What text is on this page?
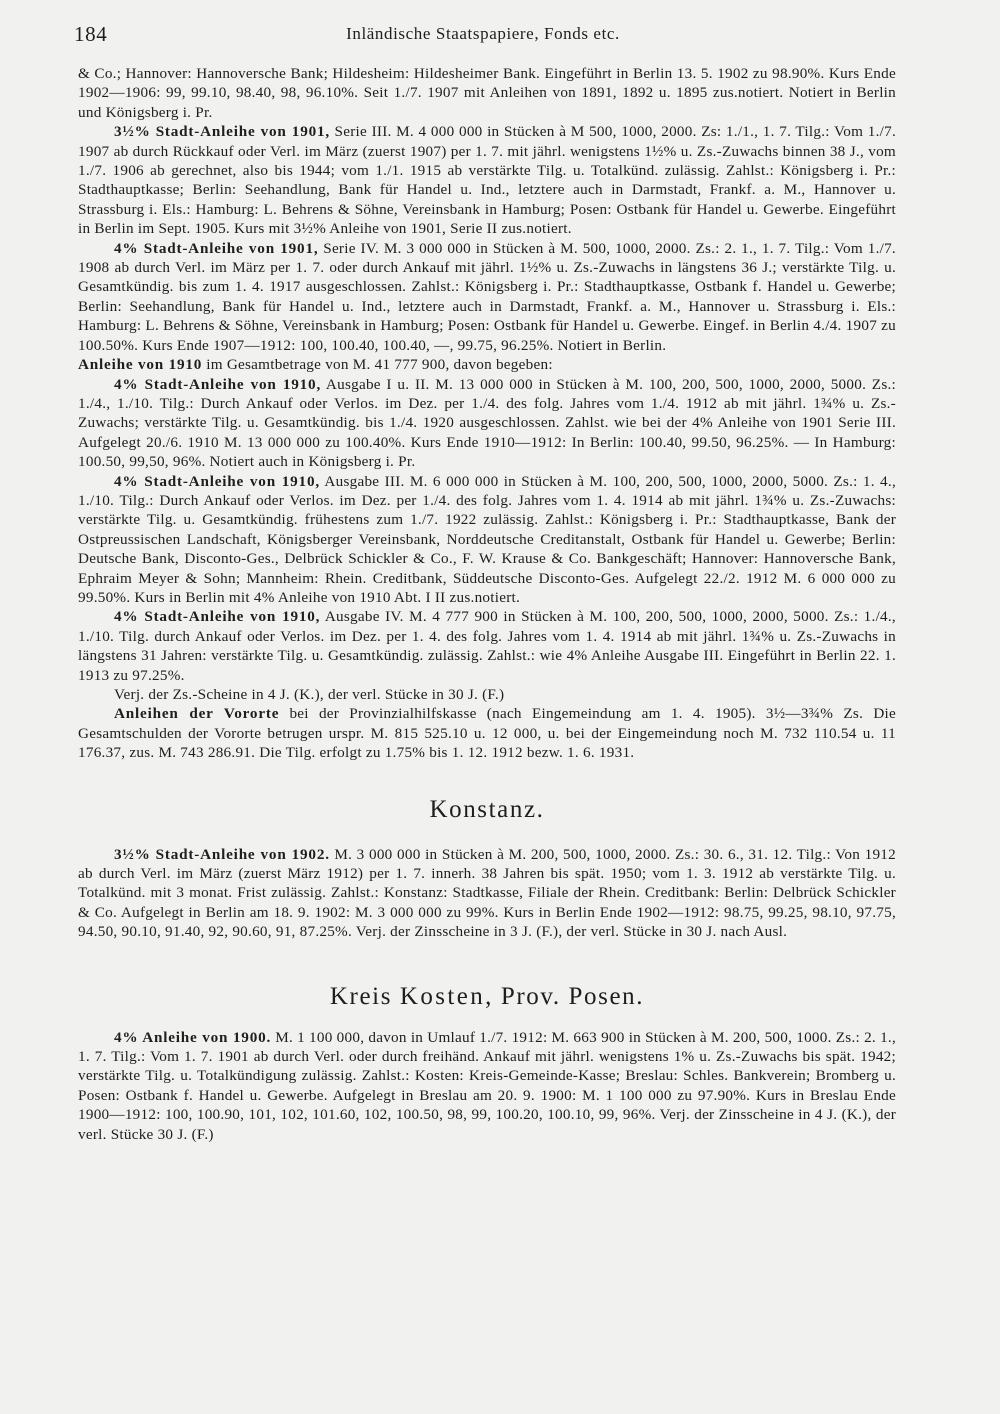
184	Inländische Staatspapiere, Fonds etc.

& Co.; Hannover: Hannoversche Bank; Hildesheim: Hildesheimer Bank. Eingeführt in Berlin 13. 5. 1902 zu 98.90%. Kurs Ende 1902—1906: 99, 99.10, 98.40, 98, 96.10%. Seit 1./7. 1907 mit Anleihen von 1891, 1892 u. 1895 zus.notiert. Notiert in Berlin und Königsberg i. Pr.

3½% Stadt-Anleihe von 1901, Serie III. M. 4 000 000 in Stücken à M 500, 1000, 2000. Zs: 1./1., 1. 7. Tilg.: Vom 1./7. 1907 ab durch Rückkauf oder Verl. im März (zuerst 1907) per 1. 7. mit jährl. wenigstens 1½% u. Zs.-Zuwachs binnen 38 J., vom 1./7. 1906 ab gerechnet, also bis 1944; vom 1./1. 1915 ab verstärkte Tilg. u. Totalkünd. zulässig. Zahlst.: Königsberg i. Pr.: Stadthauptkasse; Berlin: Seehandlung, Bank für Handel u. Ind., letztere auch in Darmstadt, Frankf. a. M., Hannover u. Strassburg i. Els.: Hamburg: L. Behrens & Söhne, Vereinsbank in Hamburg; Posen: Ostbank für Handel u. Gewerbe. Eingeführt in Berlin im Sept. 1905. Kurs mit 3½% Anleihe von 1901, Serie II zus.notiert.

4% Stadt-Anleihe von 1901, Serie IV. M. 3 000 000 in Stücken à M. 500, 1000, 2000. Zs.: 2. 1., 1. 7. Tilg.: Vom 1./7. 1908 ab durch Verl. im März per 1. 7. oder durch Ankauf mit jährl. 1½% u. Zs.-Zuwachs in längstens 36 J.; verstärkte Tilg. u. Gesamtkündig. bis zum 1. 4. 1917 ausgeschlossen. Zahlst.: Königsberg i. Pr.: Stadthauptkasse, Ostbank f. Handel u. Gewerbe; Berlin: Seehandlung, Bank für Handel u. Ind., letztere auch in Darmstadt, Frankf. a. M., Hannover u. Strassburg i. Els.: Hamburg: L. Behrens & Söhne, Vereinsbank in Hamburg; Posen: Ostbank für Handel u. Gewerbe. Eingef. in Berlin 4./4. 1907 zu 100.50%. Kurs Ende 1907—1912: 100, 100.40, 100.40, —, 99.75, 96.25%. Notiert in Berlin.

Anleihe von 1910 im Gesamtbetrage von M. 41 777 900, davon begeben:

4% Stadt-Anleihe von 1910, Ausgabe I u. II. M. 13 000 000 in Stücken à M. 100, 200, 500, 1000, 2000, 5000. Zs.: 1./4., 1./10. Tilg.: Durch Ankauf oder Verlos. im Dez. per 1./4. des folg. Jahres vom 1./4. 1912 ab mit jährl. 1¾% u. Zs.-Zuwachs; verstärkte Tilg. u. Gesamtkündig. bis 1./4. 1920 ausgeschlossen. Zahlst. wie bei der 4% Anleihe von 1901 Serie III. Aufgelegt 20./6. 1910 M. 13 000 000 zu 100.40%. Kurs Ende 1910—1912: In Berlin: 100.40, 99.50, 96.25%. — In Hamburg: 100.50, 99,50, 96%. Notiert auch in Königsberg i. Pr.

4% Stadt-Anleihe von 1910, Ausgabe III. M. 6 000 000 in Stücken à M. 100, 200, 500, 1000, 2000, 5000. Zs.: 1. 4., 1./10. Tilg.: Durch Ankauf oder Verlos. im Dez. per 1./4. des folg. Jahres vom 1. 4. 1914 ab mit jährl. 1¾% u. Zs.-Zuwachs: verstärkte Tilg. u. Gesamtkündig. frühestens zum 1./7. 1922 zulässig. Zahlst.: Königsberg i. Pr.: Stadthauptkasse, Bank der Ostpreussischen Landschaft, Königsberger Vereinsbank, Norddeutsche Creditanstalt, Ostbank für Handel u. Gewerbe; Berlin: Deutsche Bank, Disconto-Ges., Delbrück Schickler & Co., F. W. Krause & Co. Bankgeschäft; Hannover: Hannoversche Bank, Ephraim Meyer & Sohn; Mannheim: Rhein. Creditbank, Süddeutsche Disconto-Ges. Aufgelegt 22./2. 1912 M. 6 000 000 zu 99.50%. Kurs in Berlin mit 4% Anleihe von 1910 Abt. I II zus.notiert.

4% Stadt-Anleihe von 1910, Ausgabe IV. M. 4 777 900 in Stücken à M. 100, 200, 500, 1000, 2000, 5000. Zs.: 1./4., 1./10. Tilg. durch Ankauf oder Verlos. im Dez. per 1. 4. des folg. Jahres vom 1. 4. 1914 ab mit jährl. 1¾% u. Zs.-Zuwachs in längstens 31 Jahren: verstärkte Tilg. u. Gesamtkündig. zulässig. Zahlst.: wie 4% Anleihe Ausgabe III. Eingeführt in Berlin 22. 1. 1913 zu 97.25%.

Verj. der Zs.-Scheine in 4 J. (K.), der verl. Stücke in 30 J. (F.)

Anleihen der Vororte bei der Provinzialhilfskasse (nach Eingemeindung am 1. 4. 1905). 3½—3¾% Zs. Die Gesamtschulden der Vororte betrugen urspr. M. 815 525.10 u. 12 000, u. bei der Eingemeindung noch M. 732 110.54 u. 11 176.37, zus. M. 743 286.91. Die Tilg. erfolgt zu 1.75% bis 1. 12. 1912 bezw. 1. 6. 1931.

Konstanz.

3½% Stadt-Anleihe von 1902. M. 3 000 000 in Stücken à M. 200, 500, 1000, 2000. Zs.: 30. 6., 31. 12. Tilg.: Von 1912 ab durch Verl. im März (zuerst März 1912) per 1. 7. innerh. 38 Jahren bis spät. 1950; vom 1. 3. 1912 ab verstärkte Tilg. u. Totalkünd. mit 3 monat. Frist zulässig. Zahlst.: Konstanz: Stadtkasse, Filiale der Rhein. Creditbank: Berlin: Delbrück Schickler & Co. Aufgelegt in Berlin am 18. 9. 1902: M. 3 000 000 zu 99%. Kurs in Berlin Ende 1902—1912: 98.75, 99.25, 98.10, 97.75, 94.50, 90.10, 91.40, 92, 90.60, 91, 87.25%. Verj. der Zinsscheine in 3 J. (F.), der verl. Stücke in 30 J. nach Ausl.

Kreis Kosten, Prov. Posen.

4% Anleihe von 1900. M. 1 100 000, davon in Umlauf 1./7. 1912: M. 663 900 in Stücken à M. 200, 500, 1000. Zs.: 2. 1., 1. 7. Tilg.: Vom 1. 7. 1901 ab durch Verl. oder durch freihänd. Ankauf mit jährl. wenigstens 1% u. Zs.-Zuwachs bis spät. 1942; verstärkte Tilg. u. Totalkündigung zulässig. Zahlst.: Kosten: Kreis-Gemeinde-Kasse; Breslau: Schles. Bankverein; Bromberg u. Posen: Ostbank f. Handel u. Gewerbe. Aufgelegt in Breslau am 20. 9. 1900: M. 1 100 000 zu 97.90%. Kurs in Breslau Ende 1900—1912: 100, 100.90, 101, 102, 101.60, 102, 100.50, 98, 99, 100.20, 100.10, 99, 96%. Verj. der Zinsscheine in 4 J. (K.), der verl. Stücke 30 J. (F.)
